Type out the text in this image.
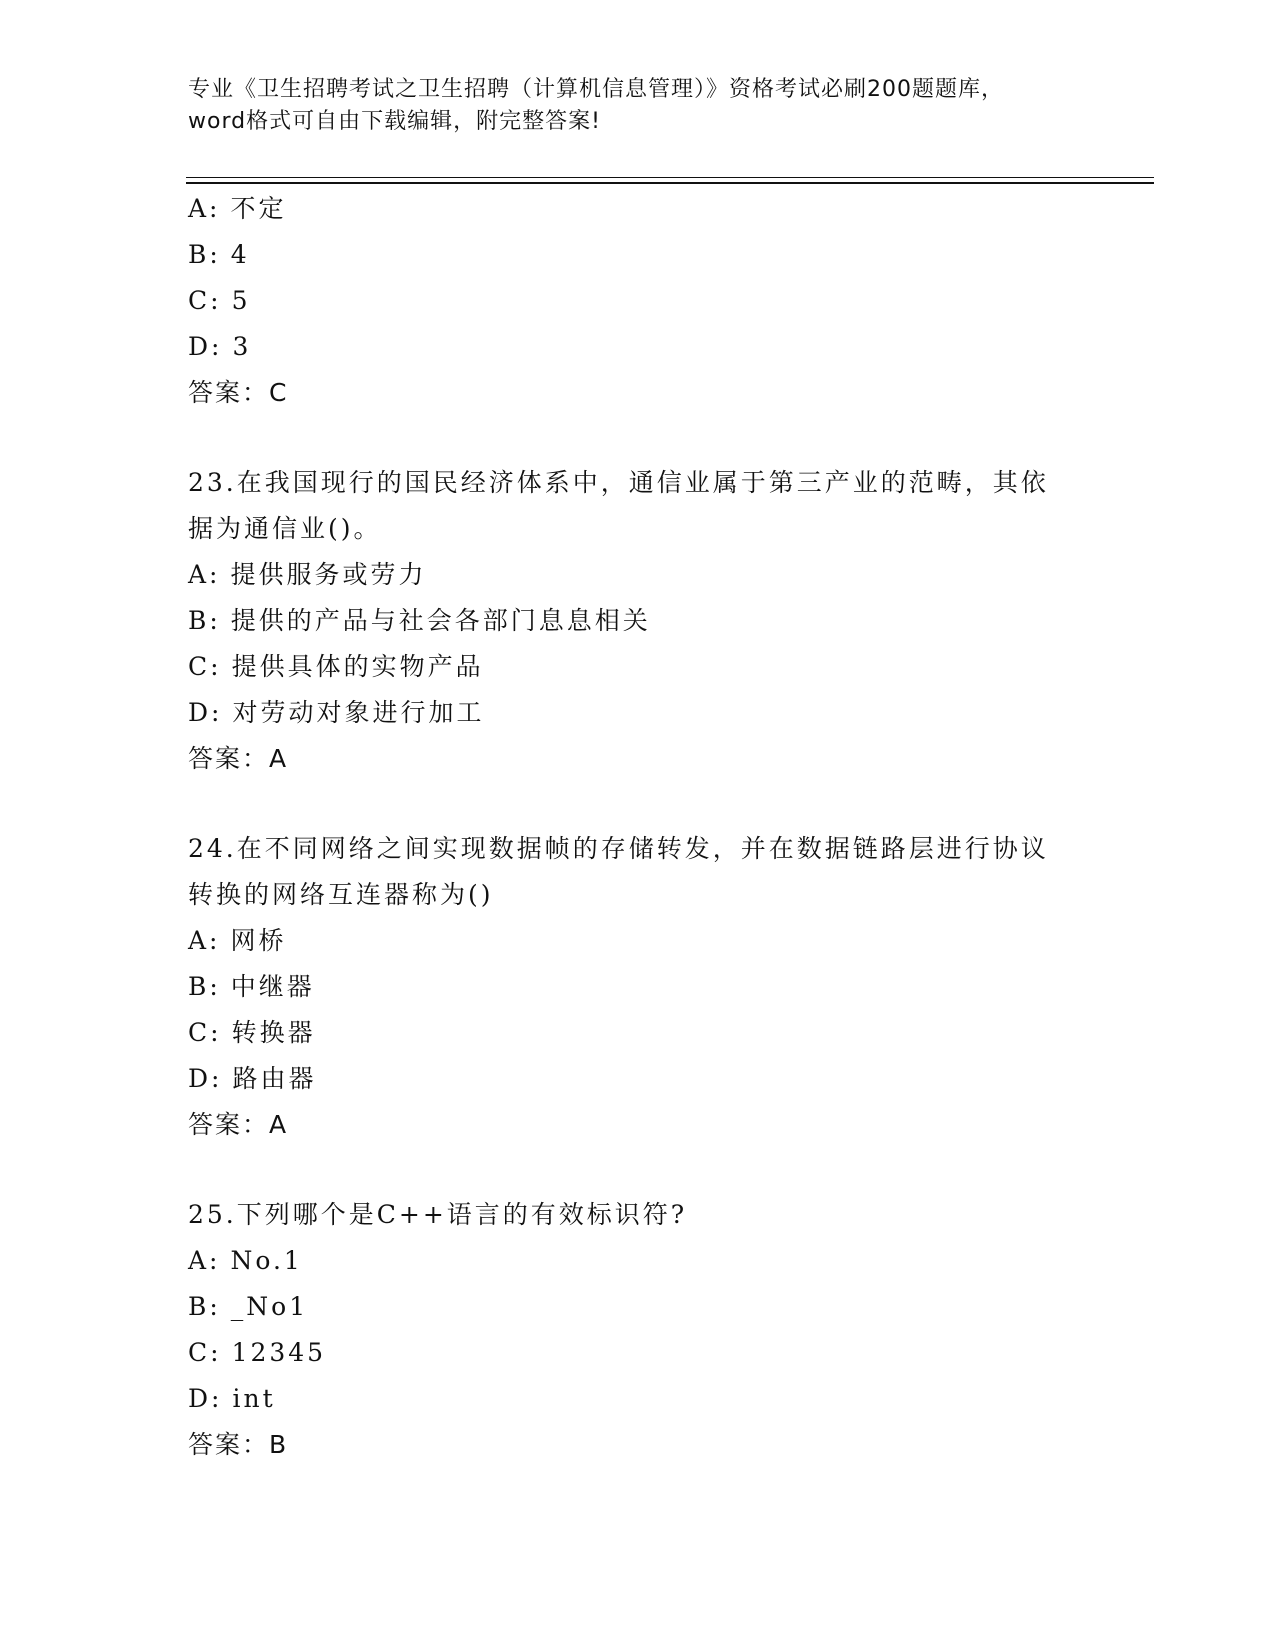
专业《卫生招聘考试之卫生招聘（计算机信息管理）》资格考试必刷200题题库，
word格式可自由下载编辑，附完整答案!
A: 不定
B: 4
C: 5
D: 3
答案：C
23.在我国现行的国民经济体系中，通信业属于第三产业的范畴，其依
据为通信业()。
A: 提供服务或劳力
B: 提供的产品与社会各部门息息相关
C: 提供具体的实物产品
D: 对劳动对象进行加工
答案：A
24.在不同网络之间实现数据帧的存储转发，并在数据链路层进行协议
转换的网络互连器称为()
A: 网桥
B: 中继器
C: 转换器
D: 路由器
答案：A
25.下列哪个是C++语言的有效标识符?
A: No.1
B: _No1
C: 12345
D: int
答案：B
